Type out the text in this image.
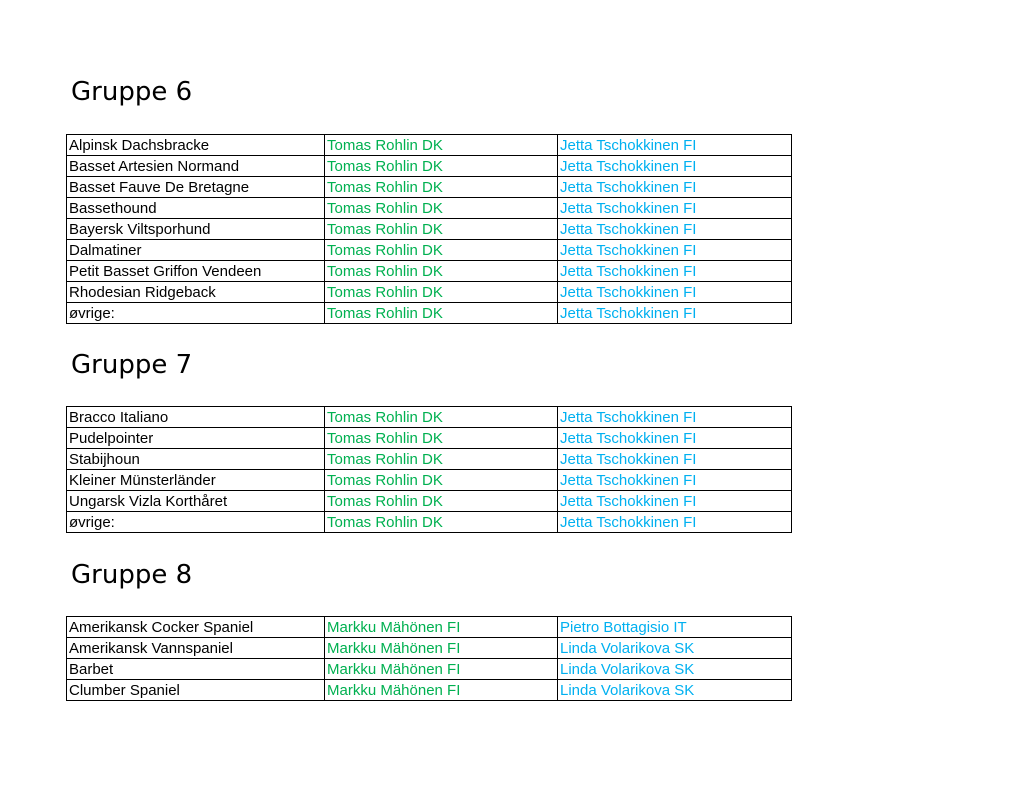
Gruppe 6
Alpinsk Dachsbracke	Tomas Rohlin DK	Jetta Tschokkinen FI
Basset Artesien Normand	Tomas Rohlin DK	Jetta Tschokkinen FI
Basset Fauve De Bretagne	Tomas Rohlin DK	Jetta Tschokkinen FI
Bassethound	Tomas Rohlin DK	Jetta Tschokkinen FI
Bayersk Viltsporhund	Tomas Rohlin DK	Jetta Tschokkinen FI
Dalmatiner	Tomas Rohlin DK	Jetta Tschokkinen FI
Petit Basset Griffon Vendeen	Tomas Rohlin DK	Jetta Tschokkinen FI
Rhodesian Ridgeback	Tomas Rohlin DK	Jetta Tschokkinen FI
øvrige:	Tomas Rohlin DK	Jetta Tschokkinen FI
Gruppe 7
Bracco Italiano	Tomas Rohlin DK	Jetta Tschokkinen FI
Pudelpointer	Tomas Rohlin DK	Jetta Tschokkinen FI
Stabijhoun	Tomas Rohlin DK	Jetta Tschokkinen FI
Kleiner Münsterländer	Tomas Rohlin DK	Jetta Tschokkinen FI
Ungarsk Vizla Korthåret	Tomas Rohlin DK	Jetta Tschokkinen FI
øvrige:	Tomas Rohlin DK	Jetta Tschokkinen FI
Gruppe 8
Amerikansk Cocker Spaniel	Markku Mähönen FI	Pietro Bottagisio IT
Amerikansk Vannspaniel	Markku Mähönen FI	Linda Volarikova SK
Barbet	Markku Mähönen FI	Linda Volarikova SK
Clumber Spaniel	Markku Mähönen FI	Linda Volarikova SK
